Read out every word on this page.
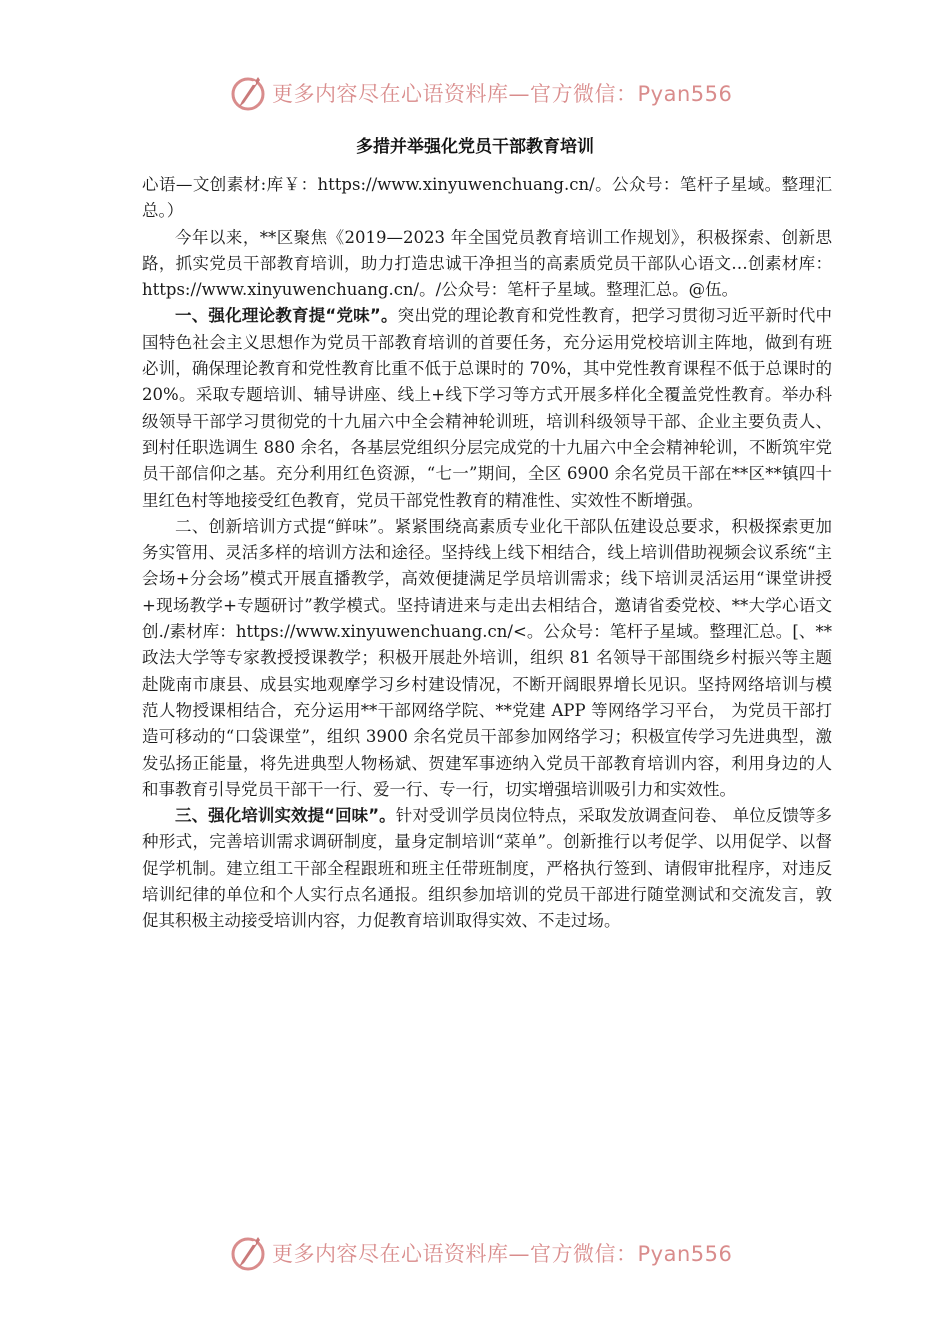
更多内容尽在心语资料库—官方微信：Pyan556
多措并举强化党员干部教育培训

心语—文创素材:库￥：https://www.xinyuwenchuang.cn/。公众号：笔杆子星域。整理汇总。）

今年以来，**区聚焦《2019—2023 年全国党员教育培训工作规划》，积极探索、创新思路，抓实党员干部教育培训，助力打造忠诚干净担当的高素质党员干部队心语文…创素材库：https://www.xinyuwenchuang.cn/。/公众号：笔杆子星域。整理汇总。@伍。

一、强化理论教育提“党味”。突出党的理论教育和党性教育，把学习贯彻习近平新时代中国特色社会主义思想作为党员干部教育培训的首要任务，充分运用党校培训主阵地，做到有班必训，确保理论教育和党性教育比重不低于总课时的 70%，其中党性教育课程不低于总课时的 20%。采取专题培训、辅导讲座、线上+线下学习等方式开展多样化全覆盖党性教育。举办科级领导干部学习贯彻党的十九届六中全会精神轮训班，培训科级领导干部、企业主要负责人、到村任职选调生 880 余名，各基层党组织分层完成党的十九届六中全会精神轮训，不断筑牢党员干部信仰之基。充分利用红色资源，“七一”期间，全区 6900 余名党员干部在**区**镇四十里红色村等地接受红色教育，党员干部党性教育的精准性、实效性不断增强。

二、创新培训方式提“鲜味”。紧紧围绕高素质专业化干部队伍建设总要求，积极探索更加务实管用、灵活多样的培训方法和途径。坚持线上线下相结合，线上培训借助视频会议系统“主会场+分会场”模式开展直播教学，高效便捷满足学员培训需求；线下培训灵活运用“课堂讲授+现场教学+专题研讨”教学模式。坚持请进来与走出去相结合，邀请省委党校、**大学心语文创./素材库：https://www.xinyuwenchuang.cn/<。公众号：笔杆子星域。整理汇总。[、**政法大学等专家教授授课教学；积极开展赴外培训，组织 81 名领导干部围绕乡村振兴等主题赴陇南市康县、成县实地观摩学习乡村建设情况，不断开阔眼界增长见识。坚持网络培训与模范人物授课相结合，充分运用**干部网络学院、**党建 APP 等网络学习平台， 为党员干部打造可移动的“口袋课堂”，组织 3900 余名党员干部参加网络学习；积极宣传学习先进典型，激发弘扬正能量，将先进典型人物杨斌、贺建军事迹纳入党员干部教育培训内容，利用身边的人和事教育引导党员干部干一行、爱一行、专一行，切实增强培训吸引力和实效性。

三、强化培训实效提“回味”。针对受训学员岗位特点，采取发放调查问卷、 单位反馈等多种形式，完善培训需求调研制度，量身定制培训“菜单”。创新推行以考促学、以用促学、以督促学机制。建立组工干部全程跟班和班主任带班制度，严格执行签到、请假审批程序，对违反培训纪律的单位和个人实行点名通报。组织参加培训的党员干部进行随堂测试和交流发言，敦促其积极主动接受培训内容，力促教育培训取得实效、不走过场。

更多内容尽在心语资料库—官方微信：Pyan556
